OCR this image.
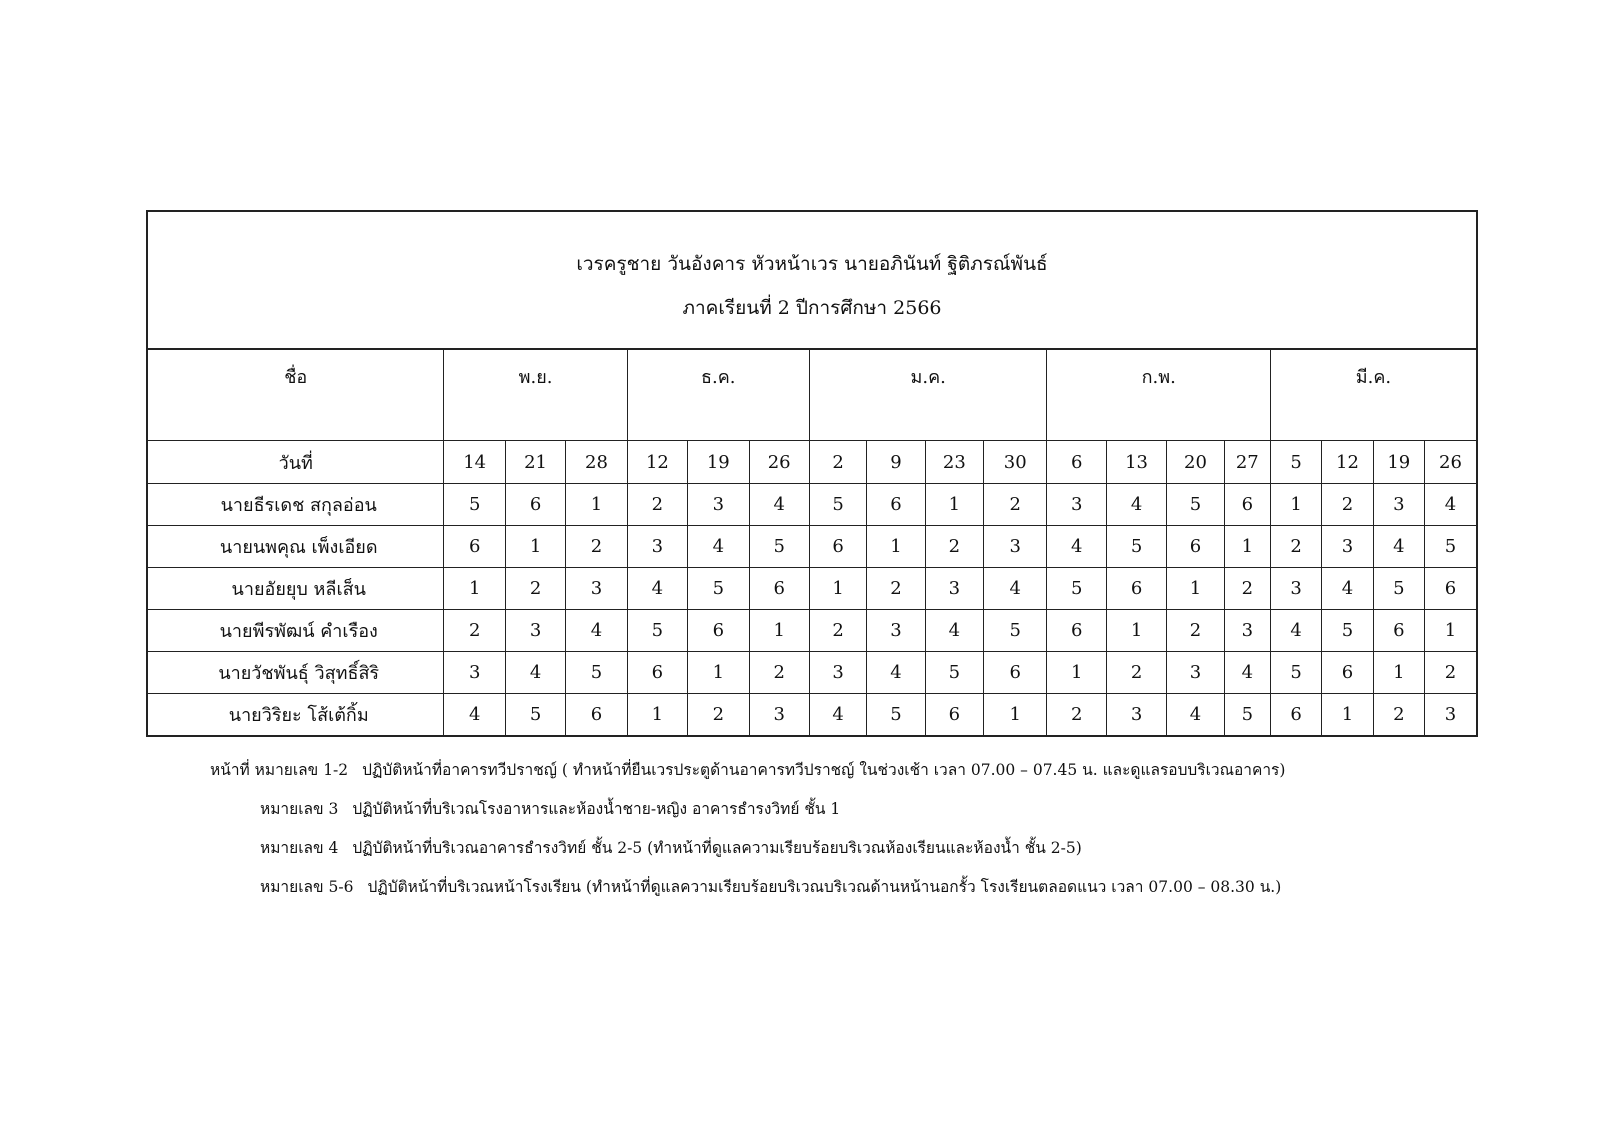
เวรครูชาย วันอังคาร หัวหน้าเวร นายอภินันท์ ฐิติภรณ์พันธ์
ภาคเรียนที่ 2 ปีการศึกษา 2566
ชื่อ	พ.ย.			ธ.ค.			ม.ค.				ก.พ.				มี.ค.			
วันที่	14	21	28	12	19	26	2	9	23	30	6	13	20	27	5	12	19	26
นายธีรเดช สกุลอ่อน	5	6	1	2	3	4	5	6	1	2	3	4	5	6	1	2	3	4
นายนพคุณ เพ็งเอียด	6	1	2	3	4	5	6	1	2	3	4	5	6	1	2	3	4	5
นายอัยยุบ หลีเส็น	1	2	3	4	5	6	1	2	3	4	5	6	1	2	3	4	5	6
นายพีรพัฒน์ คำเรือง	2	3	4	5	6	1	2	3	4	5	6	1	2	3	4	5	6	1
นายวัชพันธุ์ วิสุทธิ์สิริ	3	4	5	6	1	2	3	4	5	6	1	2	3	4	5	6	1	2
นายวิริยะ โส้เต้กิ้ม	4	5	6	1	2	3	4	5	6	1	2	3	4	5	6	1	2	3
หน้าที่ หมายเลข 1-2 ปฏิบัติหน้าที่อาคารทวีปราชญ์ ( ทำหน้าที่ยืนเวรประตูด้านอาคารทวีปราชญ์ ในช่วงเช้า เวลา 07.00 – 07.45 น. และดูแลรอบบริเวณอาคาร)
หมายเลข 3 ปฏิบัติหน้าที่บริเวณโรงอาหารและห้องน้ำชาย-หญิง อาคารธำรงวิทย์ ชั้น 1
หมายเลข 4 ปฏิบัติหน้าที่บริเวณอาคารธำรงวิทย์ ชั้น 2-5 (ทำหน้าที่ดูแลความเรียบร้อยบริเวณห้องเรียนและห้องน้ำ ชั้น 2-5)
หมายเลข 5-6 ปฏิบัติหน้าที่บริเวณหน้าโรงเรียน (ทำหน้าที่ดูแลความเรียบร้อยบริเวณบริเวณด้านหน้านอกรั้ว โรงเรียนตลอดแนว เวลา 07.00 – 08.30 น.)
